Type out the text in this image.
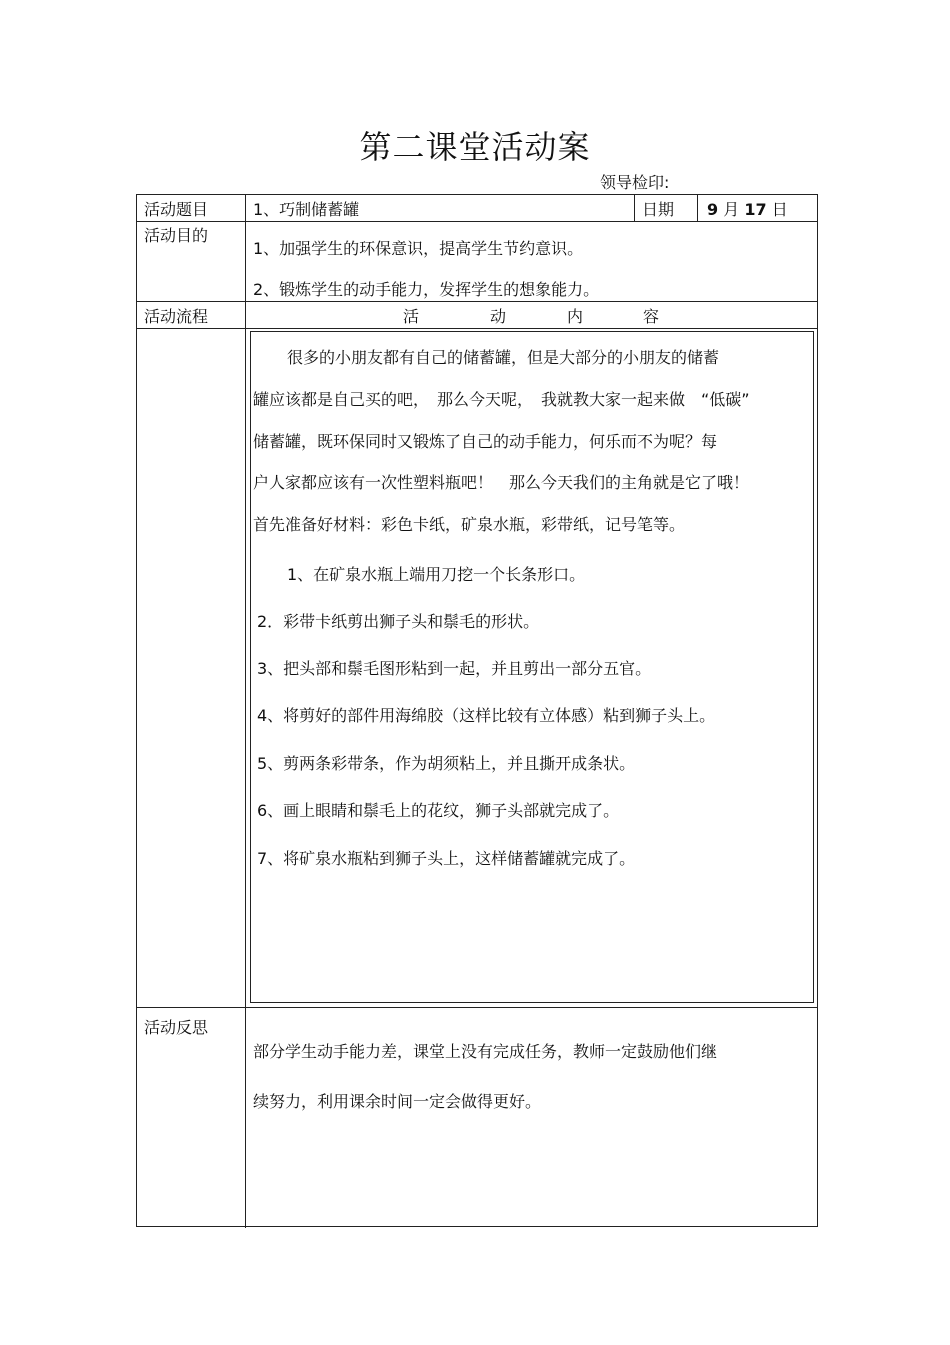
第二课堂活动案
领导检印:
活动题目	1、巧制储蓄罐	日期 9 月 17 日
活动目的
1、加强学生的环保意识，提高学生节约意识。
2、锻炼学生的动手能力，发挥学生的想象能力。
活动流程	活	动	内	容
很多的小朋友都有自己的储蓄罐，但是大部分的小朋友的储蓄
罐应该都是自己买的吧，　那么今天呢，　我就教大家一起来做　“低碳”
储蓄罐，既环保同时又锻炼了自己的动手能力，何乐而不为呢？每
户人家都应该有一次性塑料瓶吧！　那么今天我们的主角就是它了哦！
首先准备好材料：彩色卡纸，矿泉水瓶，彩带纸，记号笔等。
1、在矿泉水瓶上端用刀挖一个长条形口。
2．彩带卡纸剪出狮子头和鬃毛的形状。
3、把头部和鬃毛图形粘到一起，并且剪出一部分五官。
4、将剪好的部件用海绵胶（这样比较有立体感）粘到狮子头上。
5、剪两条彩带条，作为胡须粘上，并且撕开成条状。
6、画上眼睛和鬃毛上的花纹，狮子头部就完成了。
7、将矿泉水瓶粘到狮子头上，这样储蓄罐就完成了。
活动反思
部分学生动手能力差，课堂上没有完成任务，教师一定鼓励他们继
续努力，利用课余时间一定会做得更好。
